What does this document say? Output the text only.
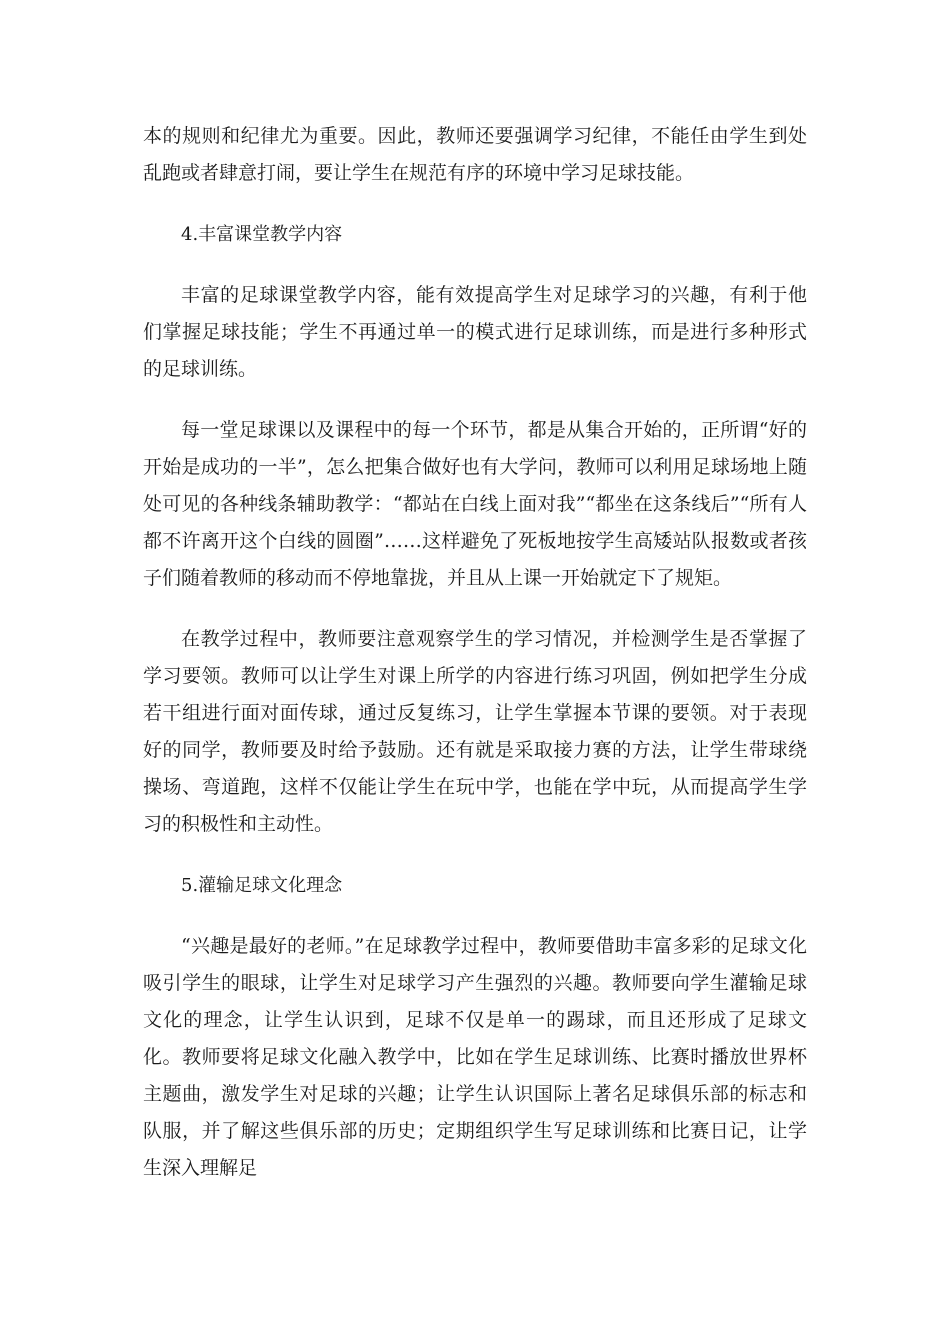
本的规则和纪律尤为重要。因此，教师还要强调学习纪律，不能任由学生到处乱跑或者肆意打闹，要让学生在规范有序的环境中学习足球技能。

4.丰富课堂教学内容

丰富的足球课堂教学内容，能有效提高学生对足球学习的兴趣，有利于他们掌握足球技能；学生不再通过单一的模式进行足球训练，而是进行多种形式的足球训练。

每一堂足球课以及课程中的每一个环节，都是从集合开始的，正所谓“好的开始是成功的一半”，怎么把集合做好也有大学问，教师可以利用足球场地上随处可见的各种线条辅助教学：“都站在白线上面对我”“都坐在这条线后”“所有人都不许离开这个白线的圆圈”……这样避免了死板地按学生高矮站队报数或者孩子们随着教师的移动而不停地靠拢，并且从上课一开始就定下了规矩。

在教学过程中，教师要注意观察学生的学习情况，并检测学生是否掌握了学习要领。教师可以让学生对课上所学的内容进行练习巩固，例如把学生分成若干组进行面对面传球，通过反复练习，让学生掌握本节课的要领。对于表现好的同学，教师要及时给予鼓励。还有就是采取接力赛的方法，让学生带球绕操场、弯道跑，这样不仅能让学生在玩中学，也能在学中玩，从而提高学生学习的积极性和主动性。

5.灌输足球文化理念

“兴趣是最好的老师。”在足球教学过程中，教师要借助丰富多彩的足球文化吸引学生的眼球，让学生对足球学习产生强烈的兴趣。教师要向学生灌输足球文化的理念，让学生认识到，足球不仅是单一的踢球，而且还形成了足球文化。教师要将足球文化融入教学中，比如在学生足球训练、比赛时播放世界杯主题曲，激发学生对足球的兴趣；让学生认识国际上著名足球俱乐部的标志和队服，并了解这些俱乐部的历史；定期组织学生写足球训练和比赛日记，让学生深入理解足
